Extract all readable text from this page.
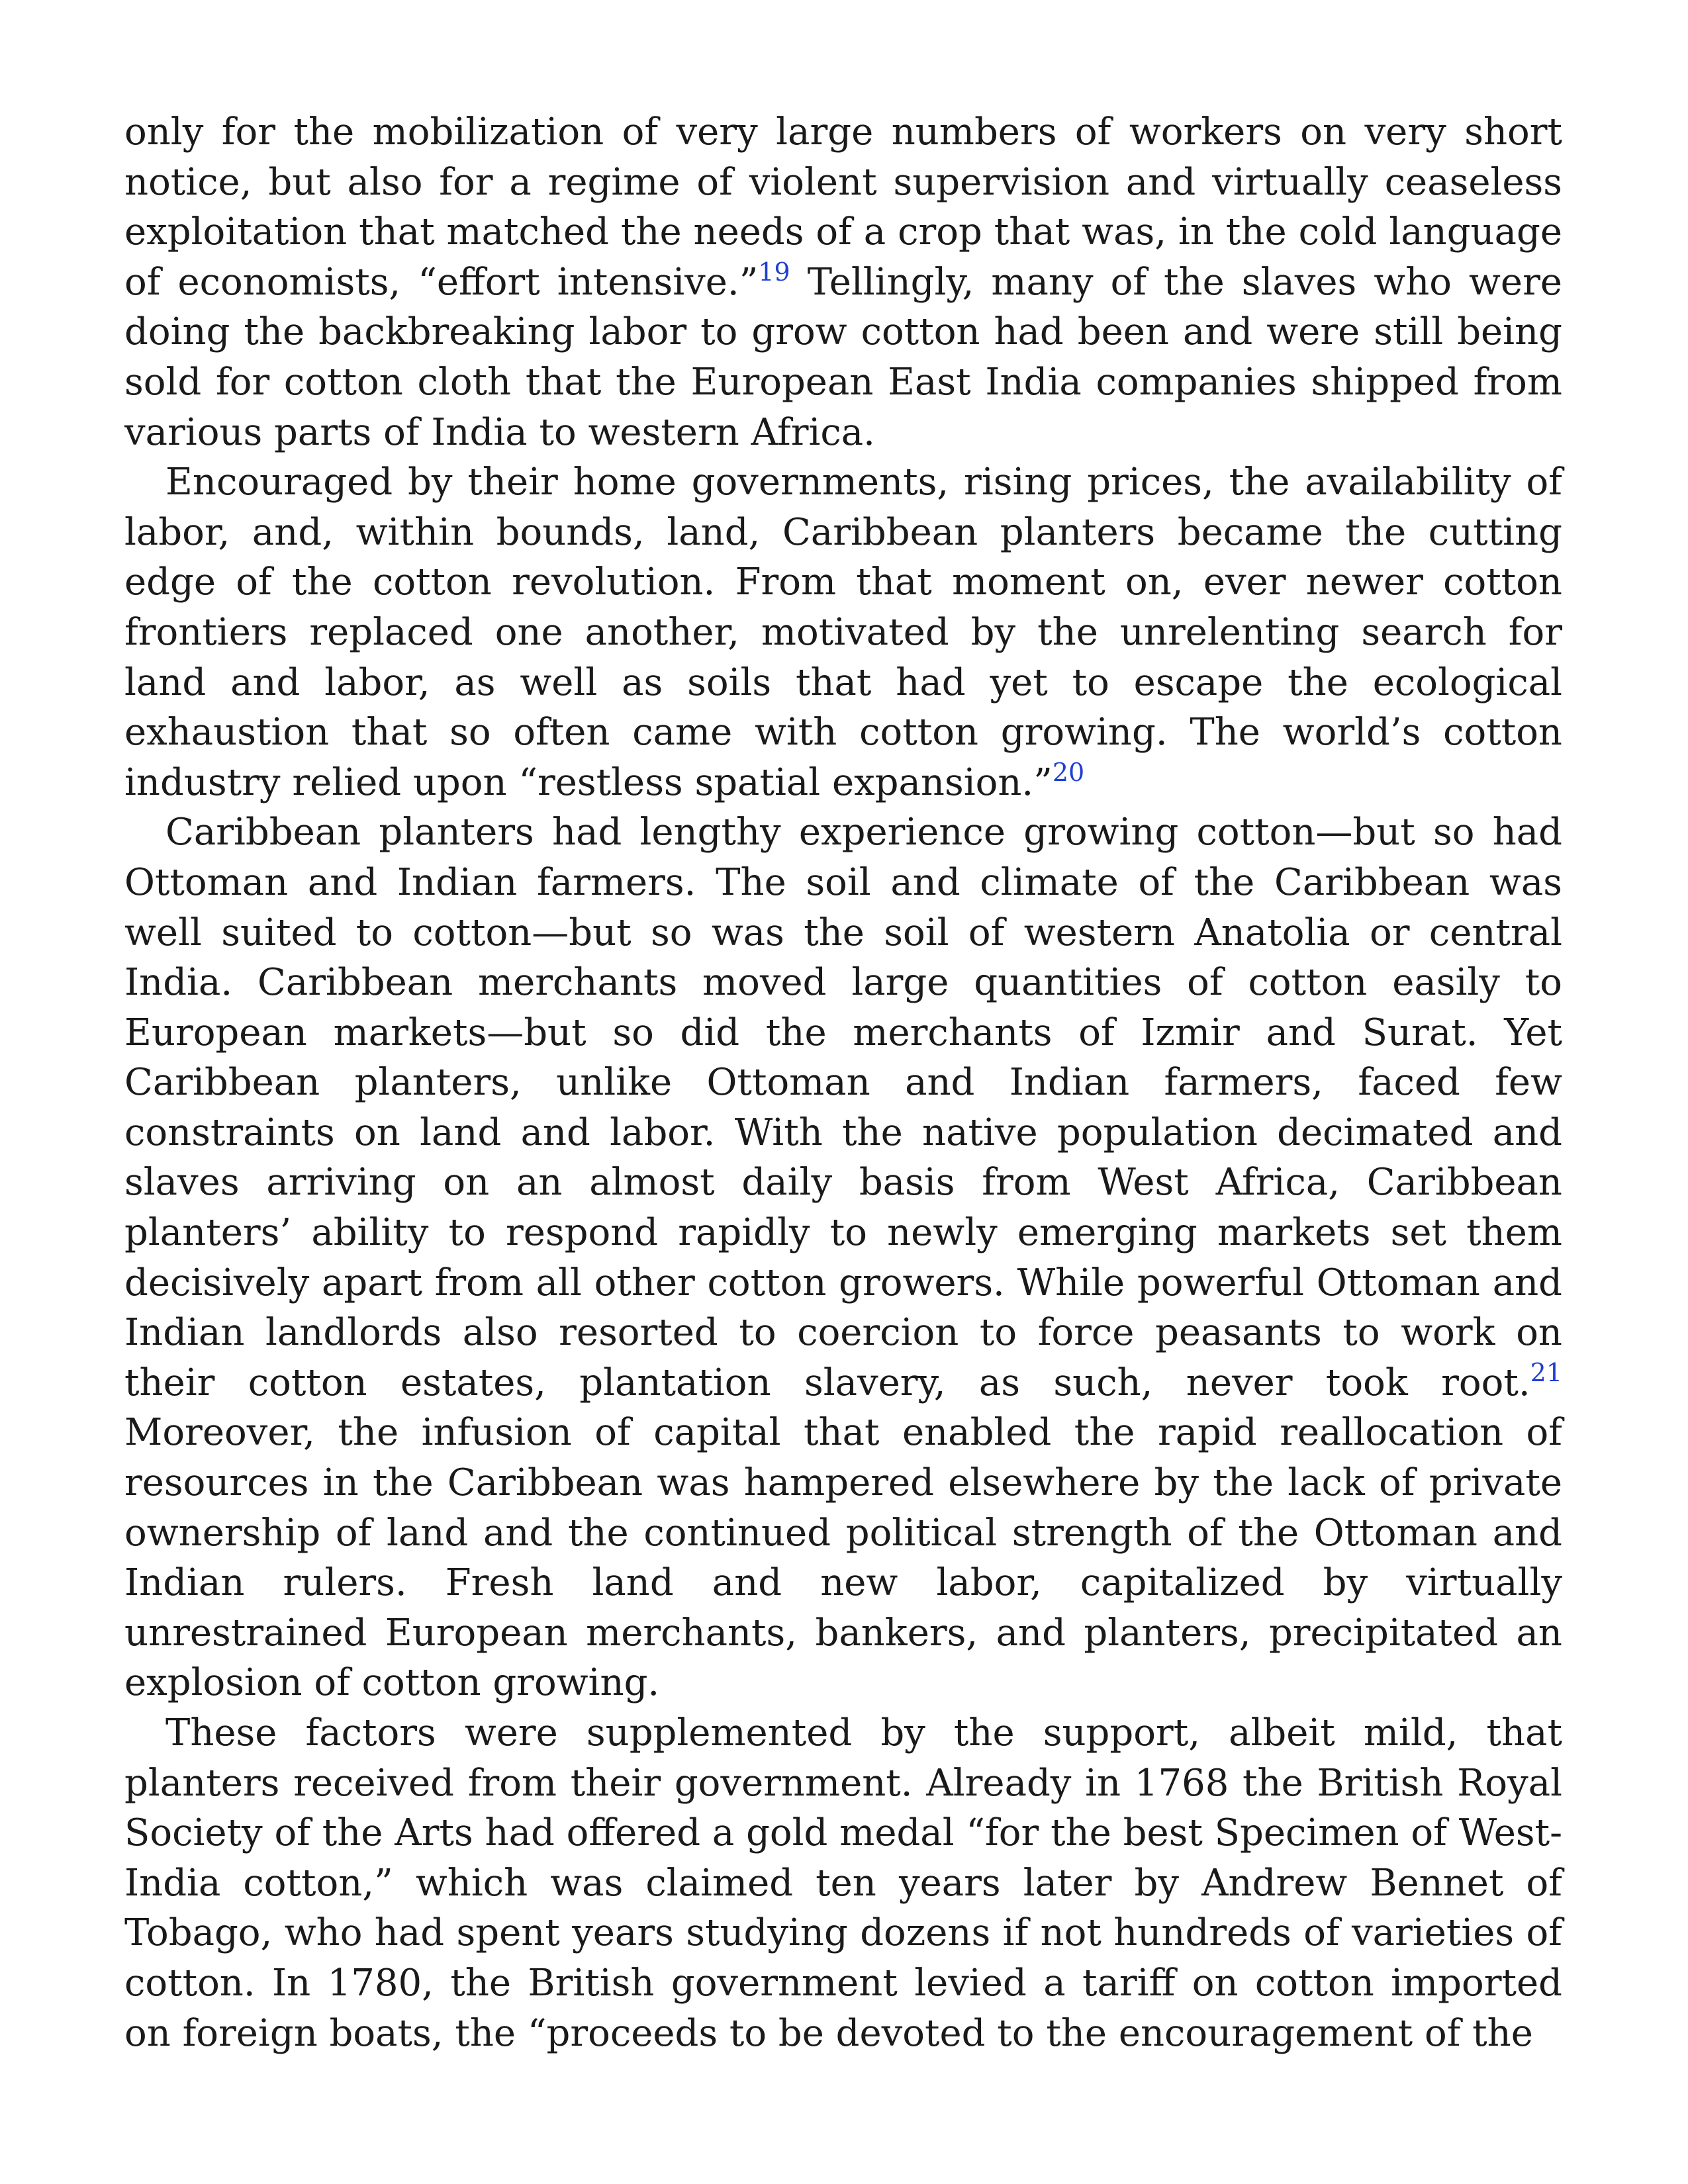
only for the mobilization of very large numbers of workers on very short notice, but also for a regime of violent supervision and virtually ceaseless exploitation that matched the needs of a crop that was, in the cold language of economists, “effort intensive.”$^{19}$ Tellingly, many of the slaves who were doing the backbreaking labor to grow cotton had been and were still being sold for cotton cloth that the European East India companies shipped from various parts of India to western Africa.

Encouraged by their home governments, rising prices, the availability of labor, and, within bounds, land, Caribbean planters became the cutting edge of the cotton revolution. From that moment on, ever newer cotton frontiers replaced one another, motivated by the unrelenting search for land and labor, as well as soils that had yet to escape the ecological exhaustion that so often came with cotton growing. The world’s cotton industry relied upon “restless spatial expansion.”$^{20}$

Caribbean planters had lengthy experience growing cotton—but so had Ottoman and Indian farmers. The soil and climate of the Caribbean was well suited to cotton—but so was the soil of western Anatolia or central India. Caribbean merchants moved large quantities of cotton easily to European markets—but so did the merchants of Izmir and Surat. Yet Caribbean planters, unlike Ottoman and Indian farmers, faced few constraints on land and labor. With the native population decimated and slaves arriving on an almost daily basis from West Africa, Caribbean planters’ ability to respond rapidly to newly emerging markets set them decisively apart from all other cotton growers. While powerful Ottoman and Indian landlords also resorted to coercion to force peasants to work on their cotton estates, plantation slavery, as such, never took root.$^{21}$ Moreover, the infusion of capital that enabled the rapid reallocation of resources in the Caribbean was hampered elsewhere by the lack of private ownership of land and the continued political strength of the Ottoman and Indian rulers. Fresh land and new labor, capitalized by virtually unrestrained European merchants, bankers, and planters, precipitated an explosion of cotton growing.

These factors were supplemented by the support, albeit mild, that planters received from their government. Already in 1768 the British Royal Society of the Arts had offered a gold medal “for the best Specimen of West-India cotton,” which was claimed ten years later by Andrew Bennet of Tobago, who had spent years studying dozens if not hundreds of varieties of cotton. In 1780, the British government levied a tariff on cotton imported on foreign boats, the “proceeds to be devoted to the encouragement of the
